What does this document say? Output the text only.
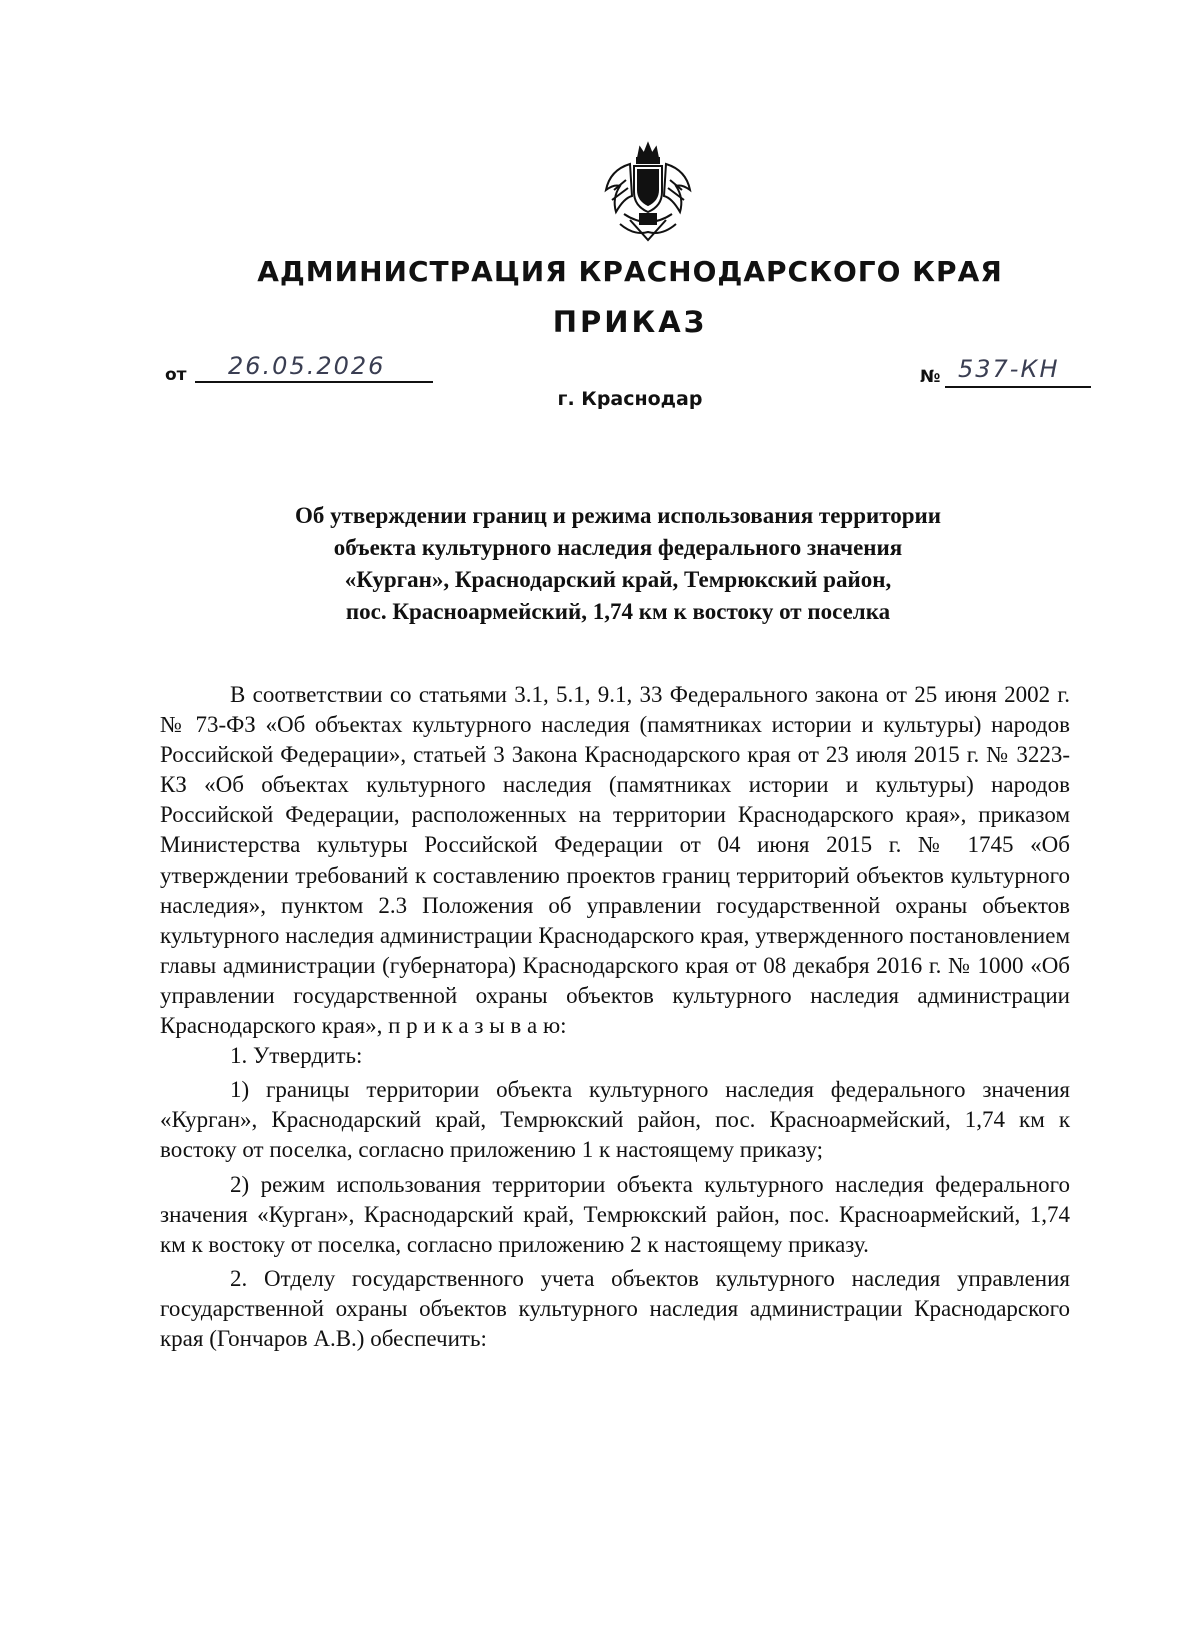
АДМИНИСТРАЦИЯ КРАСНОДАРСКОГО КРАЯ
ПРИКАЗ
от 26.05.2026
г. Краснодар
№ 537-КН
Об утверждении границ и режима использования территории
объекта культурного наследия федерального значения
«Курган», Краснодарский край, Темрюкский район,
пос. Красноармейский, 1,74 км к востоку от поселка
В соответствии со статьями 3.1, 5.1, 9.1, 33 Федерального закона от 25 июня 2002 г. № 73-ФЗ «Об объектах культурного наследия (памятниках истории и культуры) народов Российской Федерации», статьей 3 Закона Краснодарского края от 23 июля 2015 г. № 3223-КЗ «Об объектах культурного наследия (памятниках истории и культуры) народов Российской Федерации, расположенных на территории Краснодарского края», приказом Министерства культуры Российской Федерации от 04 июня 2015 г. № 1745 «Об утверждении требований к составлению проектов границ территорий объектов культурного наследия», пунктом 2.3 Положения об управлении государственной охраны объектов культурного наследия администрации Краснодарского края, утвержденного постановлением главы администрации (губернатора) Краснодарского края от 08 декабря 2016 г. № 1000 «Об управлении государственной охраны объектов культурного наследия администрации Краснодарского края», п р и к а з ы в а ю:
1. Утвердить:
1) границы территории объекта культурного наследия федерального значения «Курган», Краснодарский край, Темрюкский район, пос. Красноармейский, 1,74 км к востоку от поселка, согласно приложению 1 к настоящему приказу;
2) режим использования территории объекта культурного наследия федерального значения «Курган», Краснодарский край, Темрюкский район, пос. Красноармейский, 1,74 км к востоку от поселка, согласно приложению 2 к настоящему приказу.
2. Отделу государственного учета объектов культурного наследия управления государственной охраны объектов культурного наследия администрации Краснодарского края (Гончаров А.В.) обеспечить:
